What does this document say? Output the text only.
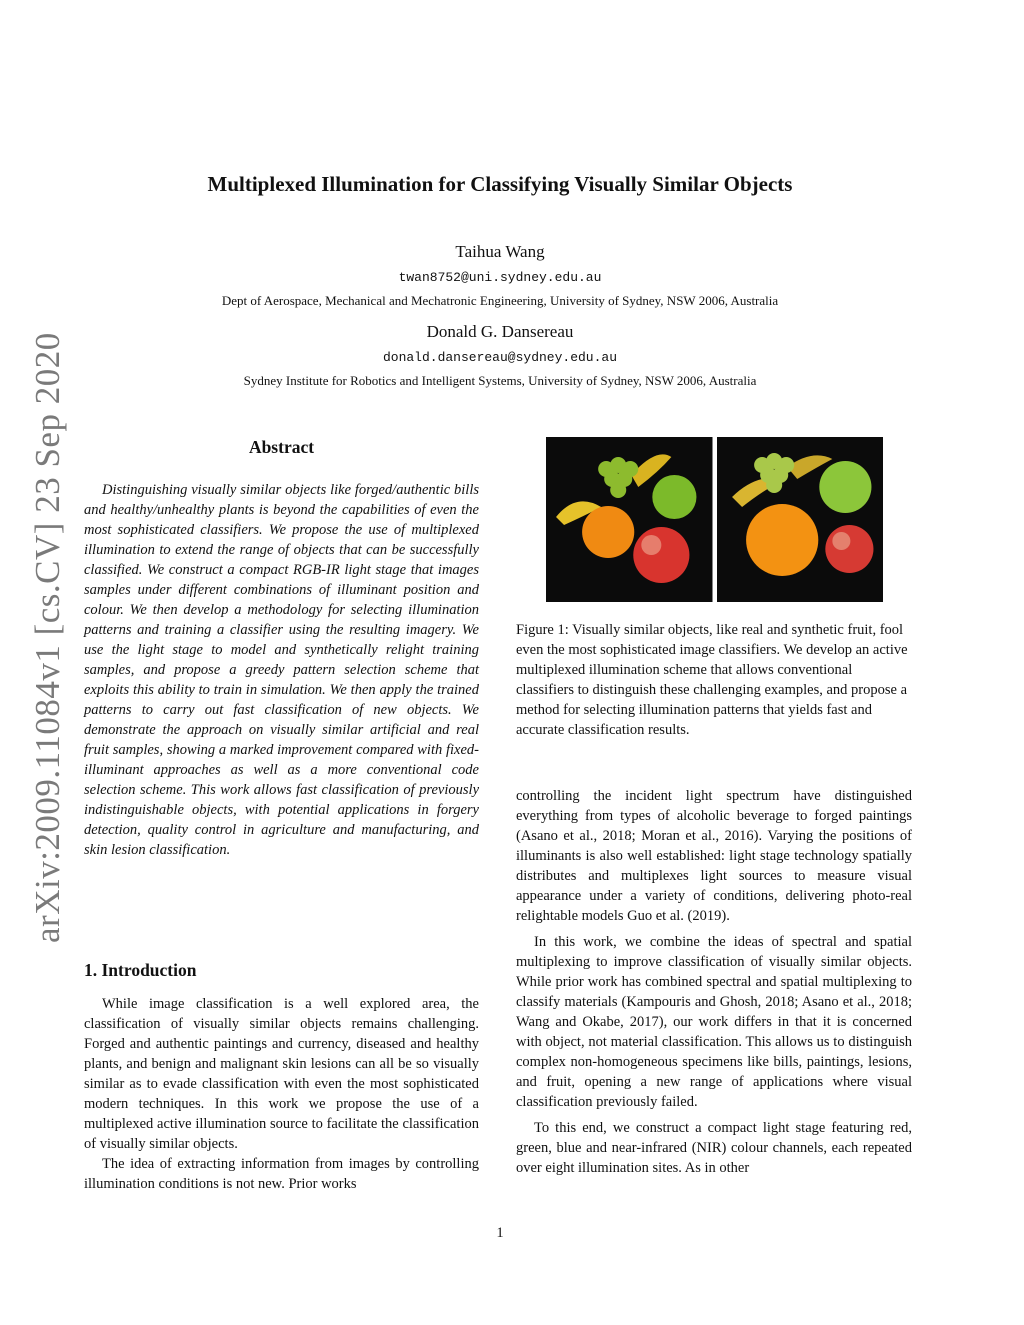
arXiv:2009.11084v1 [cs.CV] 23 Sep 2020
Multiplexed Illumination for Classifying Visually Similar Objects
Taihua Wang
twan8752@uni.sydney.edu.au
Dept of Aerospace, Mechanical and Mechatronic Engineering, University of Sydney, NSW 2006, Australia
Donald G. Dansereau
donald.dansereau@sydney.edu.au
Sydney Institute for Robotics and Intelligent Systems, University of Sydney, NSW 2006, Australia
Abstract

Distinguishing visually similar objects like forged/authentic bills and healthy/unhealthy plants is beyond the capabilities of even the most sophisticated classifiers. We propose the use of multiplexed illumination to extend the range of objects that can be successfully classified. We construct a compact RGB-IR light stage that images samples under different combinations of illuminant position and colour. We then develop a methodology for selecting illumination patterns and training a classifier using the resulting imagery. We use the light stage to model and synthetically relight training samples, and propose a greedy pattern selection scheme that exploits this ability to train in simulation. We then apply the trained patterns to carry out fast classification of new objects. We demonstrate the approach on visually similar artificial and real fruit samples, showing a marked improvement compared with fixed-illuminant approaches as well as a more conventional code selection scheme. This work allows fast classification of previously indistinguishable objects, with potential applications in forgery detection, quality control in agriculture and manufacturing, and skin lesion classification.

1. Introduction

While image classification is a well explored area, the classification of visually similar objects remains challenging. Forged and authentic paintings and currency, diseased and healthy plants, and benign and malignant skin lesions can all be so visually similar as to evade classification with even the most sophisticated modern techniques. In this work we propose the use of a multiplexed active illumination source to facilitate the classification of visually similar objects.

The idea of extracting information from images by controlling illumination conditions is not new. Prior works

Figure 1: Visually similar objects, like real and synthetic fruit, fool even the most sophisticated image classifiers. We develop an active multiplexed illumination scheme that allows conventional classifiers to distinguish these challenging examples, and propose a method for selecting illumination patterns that yields fast and accurate classification results.

controlling the incident light spectrum have distinguished everything from types of alcoholic beverage to forged paintings (Asano et al., 2018; Moran et al., 2016). Varying the positions of illuminants is also well established: light stage technology spatially distributes and multiplexes light sources to measure visual appearance under a variety of conditions, delivering photo-real relightable models Guo et al. (2019).

In this work, we combine the ideas of spectral and spatial multiplexing to improve classification of visually similar objects. While prior work has combined spectral and spatial multiplexing to classify materials (Kampouris and Ghosh, 2018; Asano et al., 2018; Wang and Okabe, 2017), our work differs in that it is concerned with object, not material classification. This allows us to distinguish complex non-homogeneous specimens like bills, paintings, lesions, and fruit, opening a new range of applications where visual classification previously failed.

To this end, we construct a compact light stage featuring red, green, blue and near-infrared (NIR) colour channels, each repeated over eight illumination sites. As in other

1
